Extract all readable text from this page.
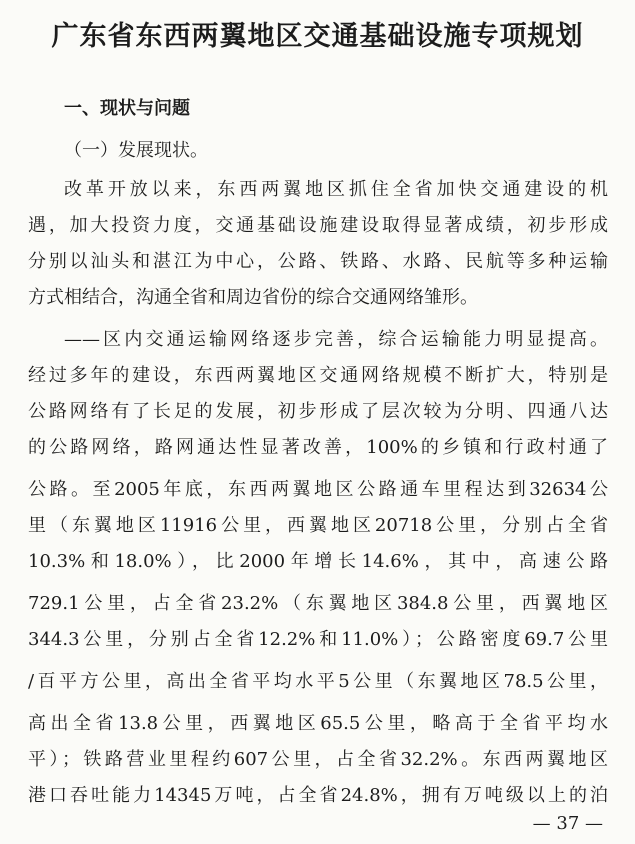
广东省东西两翼地区交通基础设施专项规划
一、现状与问题
（一）发展现状。
改革开放以来，东西两翼地区抓住全省加快交通建设的机
遇，加大投资力度，交通基础设施建设取得显著成绩，初步形成
分别以汕头和湛江为中心，公路、铁路、水路、民航等多种运输
方式相结合，沟通全省和周边省份的综合交通网络雏形。
——区内交通运输网络逐步完善，综合运输能力明显提高。
经过多年的建设，东西两翼地区交通网络规模不断扩大，特别是
公路网络有了长足的发展，初步形成了层次较为分明、四通八达
的公路网络，路网通达性显著改善，100%的乡镇和行政村通了
公路。至2005年底，东西两翼地区公路通车里程达到32634公
里（东翼地区11916公里，西翼地区20718公里，分别占全省
10.3%和18.0%），比2000年增长14.6%，其中，高速公路
729.1公里，占全省23.2%（东翼地区384.8公里，西翼地区
344.3公里，分别占全省12.2%和11.0%）；公路密度69.7公里
/百平方公里，高出全省平均水平5公里（东翼地区78.5公里，
高出全省13.8公里，西翼地区65.5公里，略高于全省平均水
平）；铁路营业里程约607公里，占全省32.2%。东西两翼地区
港口吞吐能力14345万吨，占全省24.8%，拥有万吨级以上的泊
— 37 —
